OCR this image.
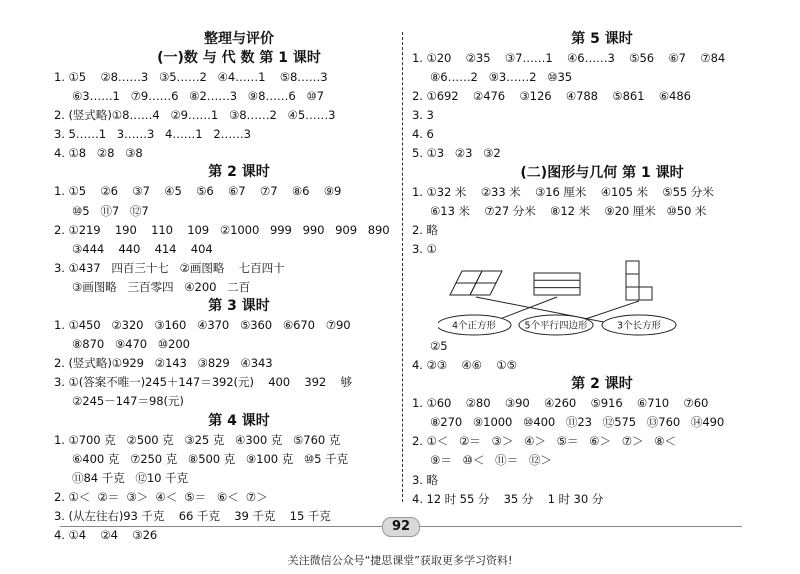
整理与评价
(一)数 与 代 数 第 1 课时
1. ①5    ②8……3   ③5……2   ④4……1    ⑤8……3
⑥3……1   ⑦9……6   ⑧2……3   ⑨8……6   ⑩7
2. (竖式略)①8……4   ②9……1   ③8……2   ④5……3
3. 5……1   3……3   4……1   2……3
4. ①8   ②8   ③8
第 2 课时
1. ①5    ②6    ③7    ④5    ⑤6    ⑥7    ⑦7    ⑧6    ⑨9
⑩5   ⑪7   ⑫7
2. ①219    190    110    109   ②1000   999   990   909   890
③444    440    414    404
3. ①437   四百三十七   ②画图略    七百四十
③画图略   三百零四   ④200   二百
第 3 课时
1. ①450   ②320   ③160   ④370   ⑤360   ⑥670   ⑦90
⑧870   ⑨470   ⑩200
2. (竖式略)①929   ②143   ③829   ④343
3. ①(答案不唯一)245＋147＝392(元)    400    392    够
②245－147＝98(元)
第 4 课时
1. ①700 克   ②500 克   ③25 克   ④300 克   ⑤760 克
⑥400 克   ⑦250 克   ⑧500 克   ⑨100 克   ⑩5 千克
⑪84 千克   ⑫10 千克
2. ①＜  ②＝  ③＞  ④＜  ⑤＝   ⑥＜  ⑦＞
3. (从左往右)93 千克    66 千克    39 千克    15 千克
4. ①4    ②4    ③26
第 5 课时
1. ①20    ②35    ③7……1    ④6……3    ⑤56    ⑥7    ⑦84
⑧6……2   ⑨3……2   ⑩35
2. ①692    ②476    ③126    ④788    ⑤861    ⑥486
3. 3
4. 6
5. ①3   ②3   ③2
(二)图形与几何 第 1 课时
1. ①32 米    ②33 米    ③16 厘米    ④105 米    ⑤55 分米
⑥13 米    ⑦27 分米    ⑧12 米    ⑨20 厘米   ⑩50 米
2. 略
3. ①
4个正方形	5个平行四边形	3个长方形
②5
4. ②③    ④⑥    ①⑤
第 2 课时
1. ①60    ②80    ③90    ④260    ⑤916    ⑥710    ⑦60
⑧270   ⑨1000   ⑩400   ⑪23   ⑫575   ⑬760   ⑭490
2. ①＜   ②＝   ③＞   ④＞   ⑤＝   ⑥＞   ⑦＞   ⑧＜
⑨＝   ⑩＜   ⑪＝   ⑫＞
3. 略
4. 12 时 55 分    35 分    1 时 30 分
92
关注微信公众号“捷思课堂”获取更多学习资料!
